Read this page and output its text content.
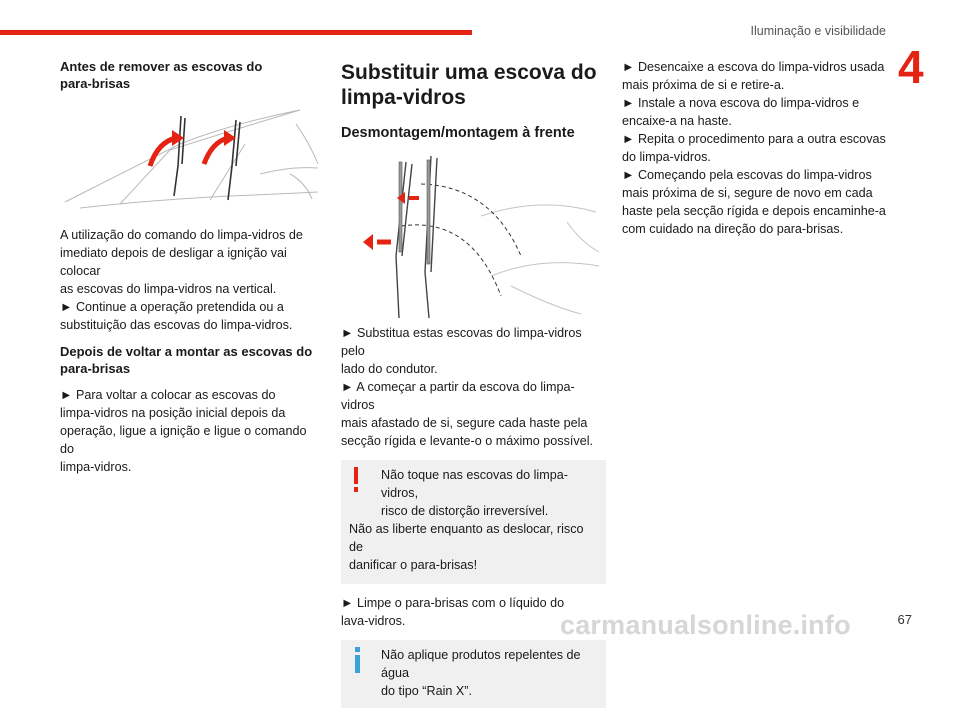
Iluminação e visibilidade
4
Antes de remover as escovas do
para-brisas

A utilização do comando do limpa-vidros de
imediato depois de desligar a ignição vai colocar
as escovas do limpa-vidros na vertical.
► Continue a operação pretendida ou a
substituição das escovas do limpa-vidros.

Depois de voltar a montar as escovas do
para-brisas

► Para voltar a colocar as escovas do
limpa-vidros na posição inicial depois da
operação, ligue a ignição e ligue o comando do
limpa-vidros.

Substituir uma escova do
limpa-vidros
Desmontagem/montagem à frente

► Substitua estas escovas do limpa-vidros pelo
lado do condutor.
► A começar a partir da escova do limpa-vidros
mais afastado de si, segure cada haste pela
secção rígida e levante-o o máximo possível.

Não toque nas escovas do limpa-vidros,
risco de distorção irreversível.
Não as liberte enquanto as deslocar, risco de
danificar o para-brisas!

► Limpe o para-brisas com o líquido do
lava-vidros.

Não aplique produtos repelentes de água
do tipo “Rain X”.

► Desencaixe a escova do limpa-vidros usada
mais próxima de si e retire-a.
► Instale a nova escova do limpa-vidros e
encaixe-a na haste.
► Repita o procedimento para a outra escovas
do limpa-vidros.
► Começando pela escovas do limpa-vidros
mais próxima de si, segure de novo em cada
haste pela secção rígida e depois encaminhe-a
com cuidado na direção do para-brisas.

carmanualsonline.info	67
